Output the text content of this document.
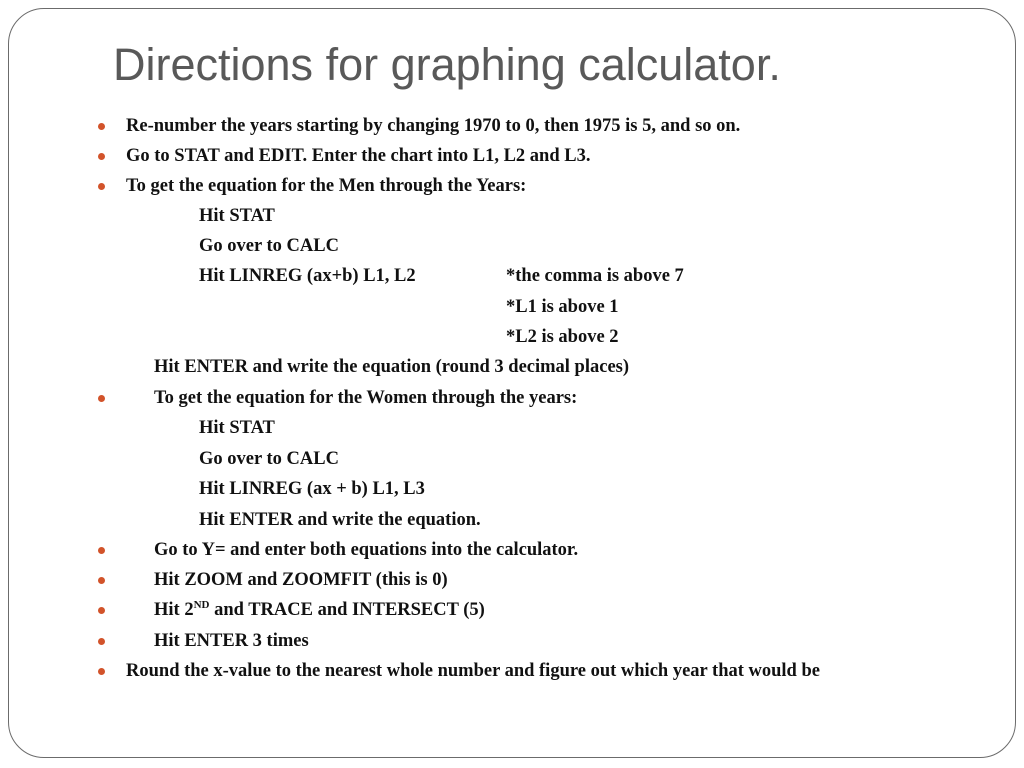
Directions for graphing calculator.
Re-number the years starting by changing 1970 to 0, then 1975 is 5, and so on.
Go to STAT and EDIT. Enter the chart into L1, L2 and L3.
To get the equation for the Men through the Years:
Hit STAT
Go over to CALC
Hit LINREG (ax+b) L1, L2	*the comma is above 7
*L1 is above 1
*L2 is above 2
Hit ENTER and write the equation (round 3 decimal places)
To get the equation for the Women through the years:
Hit STAT
Go over to CALC
Hit LINREG (ax + b) L1, L3
Hit ENTER and write the equation.
Go to Y= and enter both equations into the calculator.
Hit ZOOM and ZOOMFIT (this is 0)
Hit 2ND and TRACE and INTERSECT (5)
Hit ENTER 3 times
Round the x-value to the nearest whole number and figure out which year that would be
